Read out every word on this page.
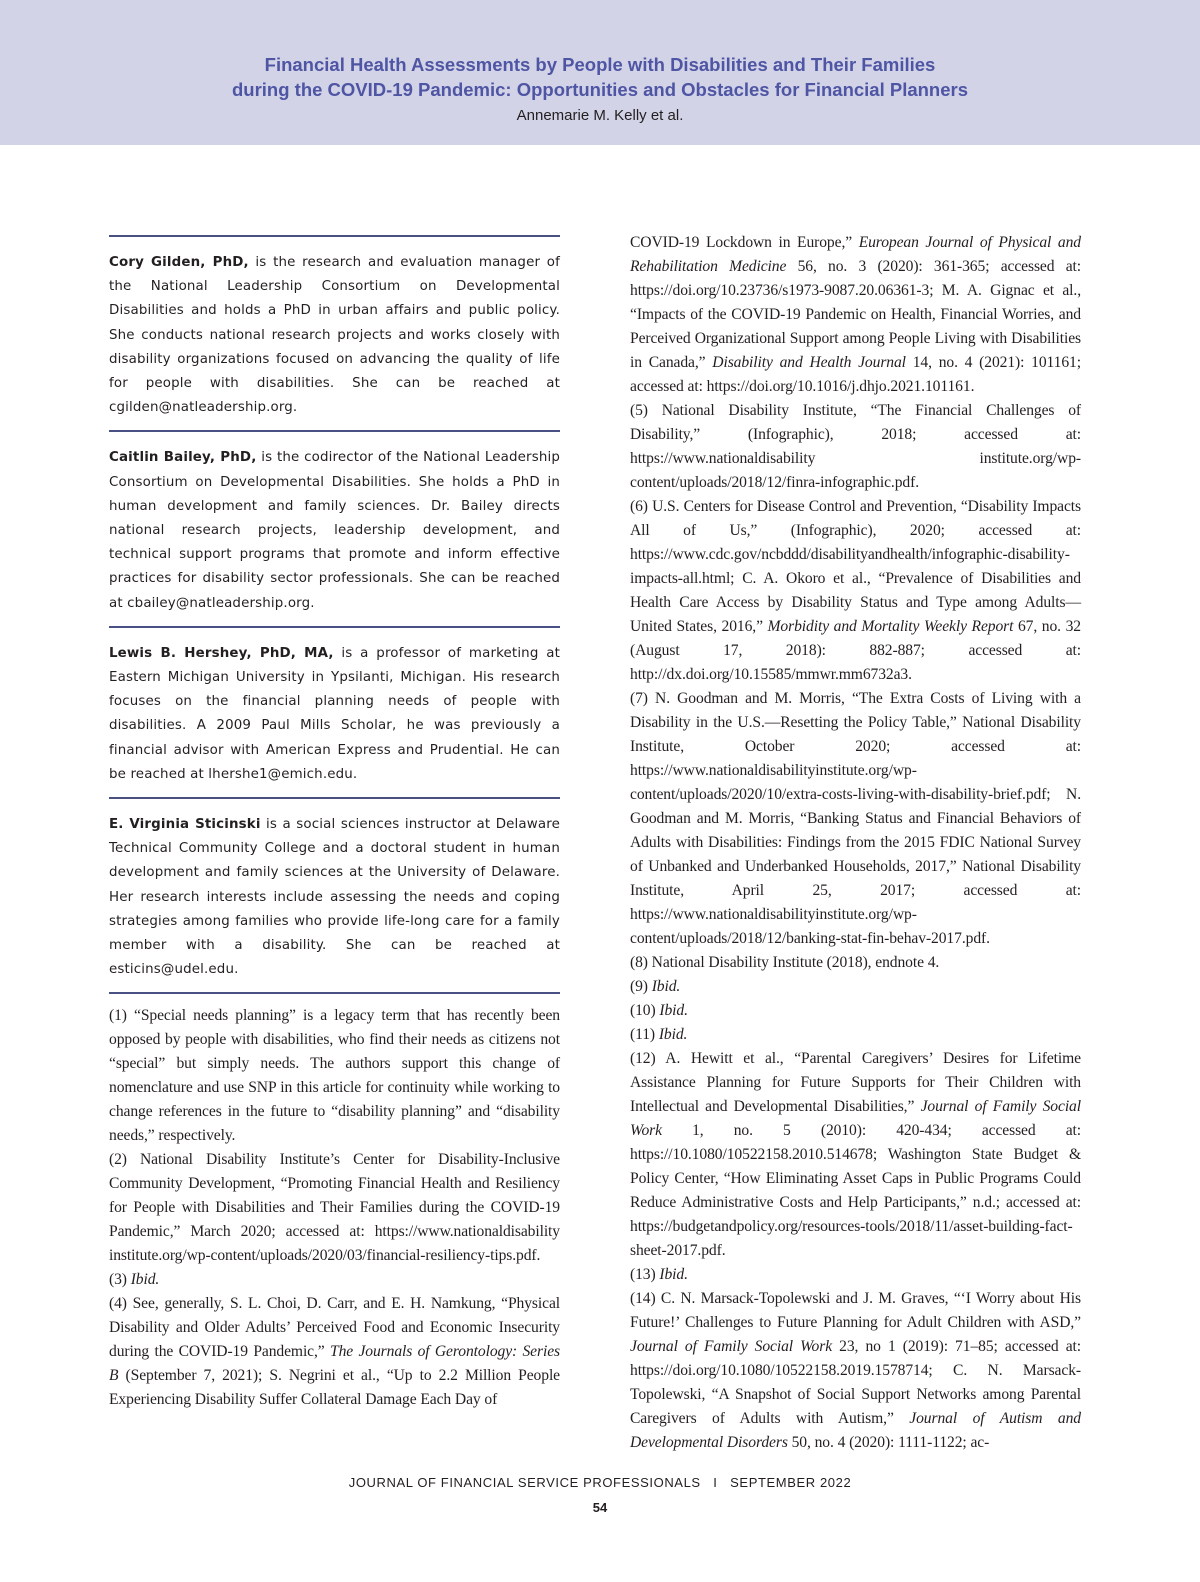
Financial Health Assessments by People with Disabilities and Their Families
during the COVID-19 Pandemic: Opportunities and Obstacles for Financial Planners
Annemarie M. Kelly et al.
Cory Gilden, PhD, is the research and evaluation manager of the National Leadership Consortium on Developmental Disabilities and holds a PhD in urban affairs and public policy. She conducts national research projects and works closely with disability organizations focused on advancing the quality of life for people with disabilities. She can be reached at cgilden@natleadership.org.
Caitlin Bailey, PhD, is the codirector of the National Leadership Consortium on Developmental Disabilities. She holds a PhD in human development and family sciences. Dr. Bailey directs national research projects, leadership development, and technical support programs that promote and inform effective practices for disability sector professionals. She can be reached at cbailey@natleadership.org.
Lewis B. Hershey, PhD, MA, is a professor of marketing at Eastern Michigan University in Ypsilanti, Michigan. His research focuses on the financial planning needs of people with disabilities. A 2009 Paul Mills Scholar, he was previously a financial advisor with American Express and Prudential. He can be reached at lhershe1@emich.edu.
E. Virginia Sticinski is a social sciences instructor at Delaware Technical Community College and a doctoral student in human development and family sciences at the University of Delaware. Her research interests include assessing the needs and coping strategies among families who provide life-long care for a family member with a disability. She can be reached at esticins@udel.edu.

(1) “Special needs planning” is a legacy term that has recently been opposed by people with disabilities, who find their needs as citizens not “special” but simply needs. The authors support this change of nomenclature and use SNP in this article for continuity while working to change references in the future to “disability planning” and “disability needs,” respectively.

(2) National Disability Institute’s Center for Disability-Inclusive Community Development, “Promoting Financial Health and Resiliency for People with Disabilities and Their Families during the COVID-19 Pandemic,” March 2020; accessed at: https://www.nationaldisability institute.org/wp-content/uploads/2020/03/financial-resiliency-tips.pdf.

(3) Ibid.

(4) See, generally, S. L. Choi, D. Carr, and E. H. Namkung, “Physical Disability and Older Adults’ Perceived Food and Economic Insecurity during the COVID-19 Pandemic,” The Journals of Gerontology: Series B (September 7, 2021); S. Negrini et al., “Up to 2.2 Million People Experiencing Disability Suffer Collateral Damage Each Day of

COVID-19 Lockdown in Europe,” European Journal of Physical and Rehabilitation Medicine 56, no. 3 (2020): 361-365; accessed at: https://doi.org/10.23736/s1973-9087.20.06361-3; M. A. Gignac et al., “Impacts of the COVID-19 Pandemic on Health, Financial Worries, and Perceived Organizational Support among People Living with Disabilities in Canada,” Disability and Health Journal 14, no. 4 (2021): 101161; accessed at: https://doi.org/10.1016/j.dhjo.2021.101161.

(5) National Disability Institute, “The Financial Challenges of Disability,” (Infographic), 2018; accessed at: https://www.nationaldisability institute.org/wp-content/uploads/2018/12/finra-infographic.pdf.

(6) U.S. Centers for Disease Control and Prevention, “Disability Impacts All of Us,” (Infographic), 2020; accessed at: https://www.cdc.gov/ncbddd/disabilityandhealth/infographic-disability-impacts-all.html; C. A. Okoro et al., “Prevalence of Disabilities and Health Care Access by Disability Status and Type among Adults—United States, 2016,” Morbidity and Mortality Weekly Report 67, no. 32 (August 17, 2018): 882-887; accessed at: http://dx.doi.org/10.15585/mmwr.mm6732a3.

(7) N. Goodman and M. Morris, “The Extra Costs of Living with a Disability in the U.S.—Resetting the Policy Table,” National Disability Institute, October 2020; accessed at: https://www.nationaldisabilityinstitute.org/wp-content/uploads/2020/10/extra-costs-living-with-disability-brief.pdf; N. Goodman and M. Morris, “Banking Status and Financial Behaviors of Adults with Disabilities: Findings from the 2015 FDIC National Survey of Unbanked and Underbanked Households, 2017,” National Disability Institute, April 25, 2017; accessed at: https://www.nationaldisabilityinstitute.org/wp-content/uploads/2018/12/banking-stat-fin-behav-2017.pdf.

(8) National Disability Institute (2018), endnote 4.

(9) Ibid.

(10) Ibid.

(11) Ibid.

(12) A. Hewitt et al., “Parental Caregivers’ Desires for Lifetime Assistance Planning for Future Supports for Their Children with Intellectual and Developmental Disabilities,” Journal of Family Social Work 1, no. 5 (2010): 420-434; accessed at: https://10.1080/10522158.2010.514678; Washington State Budget & Policy Center, “How Eliminating Asset Caps in Public Programs Could Reduce Administrative Costs and Help Participants,” n.d.; accessed at: https://budgetandpolicy.org/resources-tools/2018/11/asset-building-fact-sheet-2017.pdf.

(13) Ibid.

(14) C. N. Marsack-Topolewski and J. M. Graves, “‘I Worry about His Future!’ Challenges to Future Planning for Adult Children with ASD,” Journal of Family Social Work 23, no 1 (2019): 71–85; accessed at: https://doi.org/10.1080/10522158.2019.1578714; C. N. Marsack-Topolewski, “A Snapshot of Social Support Networks among Parental Caregivers of Adults with Autism,” Journal of Autism and Developmental Disorders 50, no. 4 (2020): 1111-1122; ac-

JOURNAL OF FINANCIAL SERVICE PROFESSIONALS   I   SEPTEMBER 2022
54
